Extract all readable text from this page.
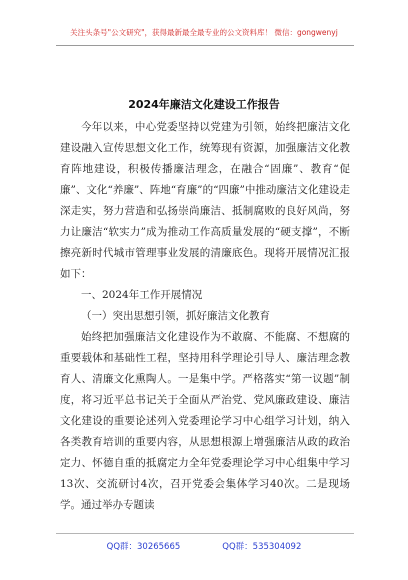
关注头条号"公文研究"，获得最新最全最专业的公文资料库！ 微信：gongwenyj
2024年廉洁文化建设工作报告

今年以来，中心党委坚持以党建为引领，始终把廉洁文化建设融入宣传思想文化工作，统筹现有资源，加强廉洁文化教育阵地建设，积极传播廉洁理念，在融合“固廉”、教育“促廉”、文化“养廉”、阵地“育廉”的“四廉”中推动廉洁文化建设走深走实，努力营造和弘扬崇尚廉洁、抵制腐败的良好风尚，努力让廉洁“软实力”成为推动工作高质量发展的“硬支撑”，不断擦亮新时代城市管理事业发展的清廉底色。现将开展情况汇报如下：

一、2024年工作开展情况

（一）突出思想引领，抓好廉洁文化教育

始终把加强廉洁文化建设作为不敢腐、不能腐、不想腐的重要载体和基础性工程，坚持用科学理论引导人、廉洁理念教育人、清廉文化熏陶人。一是集中学。严格落实“第一议题”制度，将习近平总书记关于全面从严治党、党风廉政建设、廉洁文化建设的重要论述列入党委理论学习中心组学习计划，纳入各类教育培训的重要内容，从思想根源上增强廉洁从政的政治定力、怀德自重的抵腐定力全年党委理论学习中心组集中学习13次、交流研讨4次，召开党委会集体学习40次。二是现场学。通过举办专题读

QQ群：30265665	QQ群：535304092
